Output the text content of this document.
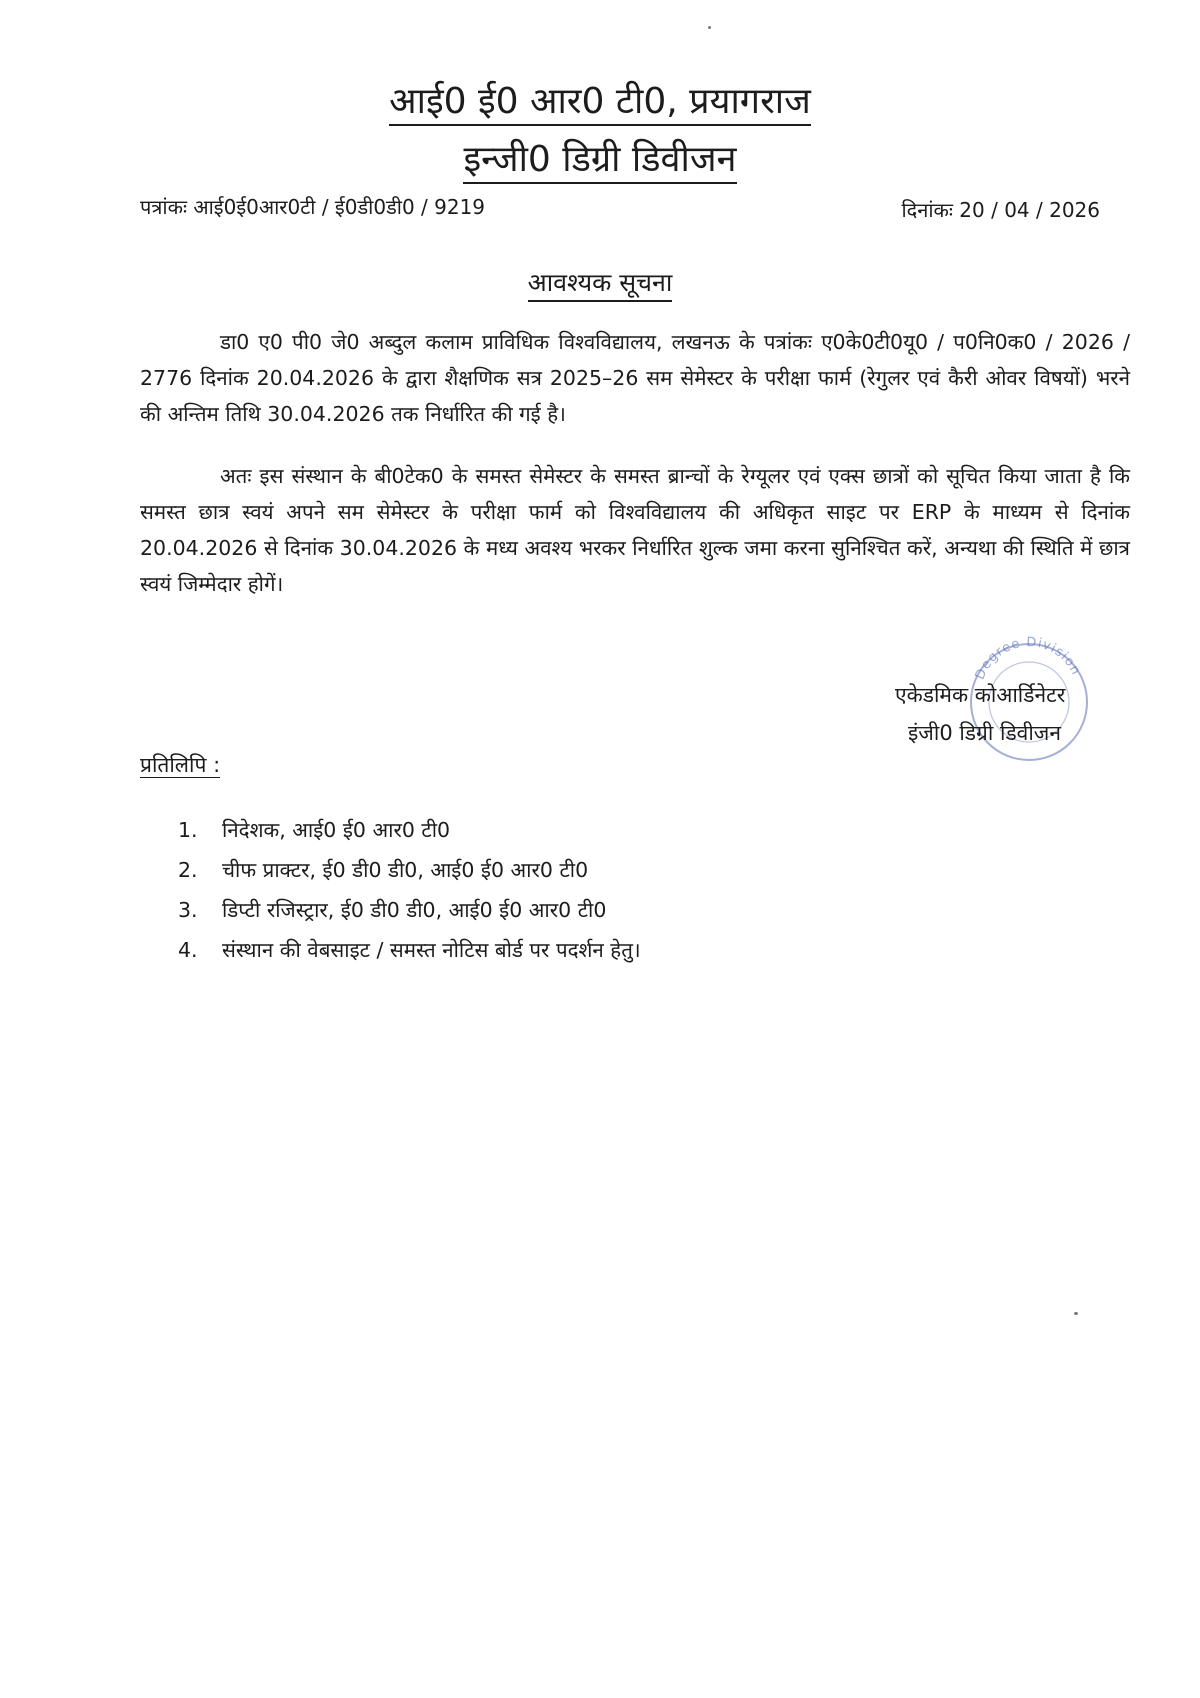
आई0 ई0 आर0 टी0, प्रयागराज
इन्जी0 डिग्री डिवीजन
पत्रांकः आई0ई0आर0टी / ई0डी0डी0 / 9219	दिनांकः 20 / 04 / 2026
आवश्यक सूचना

डा0 ए0 पी0 जे0 अब्दुल कलाम प्राविधिक विश्वविद्यालय, लखनऊ के पत्रांकः ए0के0टी0यू0 / प0नि0क0 / 2026 / 2776 दिनांक 20.04.2026 के द्वारा शैक्षणिक सत्र 2025–26 सम सेमेस्टर के परीक्षा फार्म (रेगुलर एवं कैरी ओवर विषयों) भरने की अन्तिम तिथि 30.04.2026 तक निर्धारित की गई है।

अतः इस संस्थान के बी0टेक0 के समस्त सेमेस्टर के समस्त ब्रान्चों के रेग्यूलर एवं एक्स छात्रों को सूचित किया जाता है कि समस्त छात्र स्वयं अपने सम सेमेस्टर के परीक्षा फार्म को विश्वविद्यालय की अधिकृत साइट पर ERP के माध्यम से दिनांक 20.04.2026 से दिनांक 30.04.2026 के मध्य अवश्य भरकर निर्धारित शुल्क जमा करना सुनिश्चित करें, अन्यथा की स्थिति में छात्र स्वयं जिम्मेदार होगें।

Degree Division
एकेडमिक कोआर्डिनेटर
इंजी0 डिग्री डिवीजन
प्रतिलिपि :
1. निदेशक, आई0 ई0 आर0 टी0
2. चीफ प्राक्टर, ई0 डी0 डी0, आई0 ई0 आर0 टी0
3. डिप्टी रजिस्ट्रार, ई0 डी0 डी0, आई0 ई0 आर0 टी0
4. संस्थान की वेबसाइट / समस्त नोटिस बोर्ड पर पदर्शन हेतु।
